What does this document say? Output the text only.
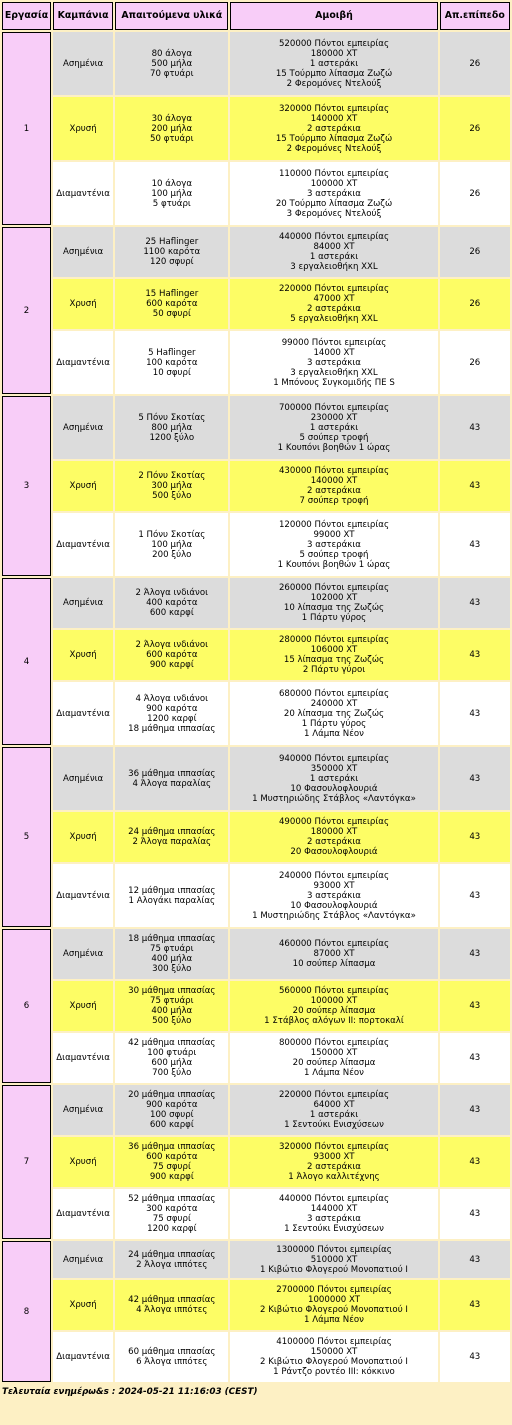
Εργασία	Καμπάνια	Απαιτούμενα υλικά	Αμοιβή	Απ.επίπεδο
1	Ασημένια	80 άλογα
500 μήλα
70 φτυάρι	520000 Πόντοι εμπειρίας
180000 XT
1 αστεράκι
15 Τούρμπο λίπασμα Ζωζώ
2 Φερομόνες Ντελούξ	26
	Χρυσή	30 άλογα
200 μήλα
50 φτυάρι	320000 Πόντοι εμπειρίας
140000 XT
2 αστεράκια
15 Τούρμπο λίπασμα Ζωζώ
2 Φερομόνες Ντελούξ	26
	Διαμαντένια	10 άλογα
100 μήλα
5 φτυάρι	110000 Πόντοι εμπειρίας
100000 XT
3 αστεράκια
20 Τούρμπο λίπασμα Ζωζώ
3 Φερομόνες Ντελούξ	26
2	Ασημένια	25 Haflinger
1100 καρότα
120 σφυρί	440000 Πόντοι εμπειρίας
84000 XT
1 αστεράκι
3 εργαλειοθήκη XXL	26
	Χρυσή	15 Haflinger
600 καρότα
50 σφυρί	220000 Πόντοι εμπειρίας
47000 XT
2 αστεράκια
5 εργαλειοθήκη XXL	26
	Διαμαντένια	5 Haflinger
100 καρότα
10 σφυρί	99000 Πόντοι εμπειρίας
14000 XT
3 αστεράκια
3 εργαλειοθήκη XXL
1 Μπόνους Συγκομιδής ΠΕ S	26
3	Ασημένια	5 Πόνυ Σκοτίας
800 μήλα
1200 ξύλο	700000 Πόντοι εμπειρίας
230000 XT
1 αστεράκι
5 σούπερ τροφή
1 Κουπόνι βοηθών 1 ώρας	43
	Χρυσή	2 Πόνυ Σκοτίας
300 μήλα
500 ξύλο	430000 Πόντοι εμπειρίας
140000 XT
2 αστεράκια
7 σούπερ τροφή	43
	Διαμαντένια	1 Πόνυ Σκοτίας
100 μήλα
200 ξύλο	120000 Πόντοι εμπειρίας
99000 XT
3 αστεράκια
5 σούπερ τροφή
1 Κουπόνι βοηθών 1 ώρας	43
4	Ασημένια	2 Άλογα ινδιάνοι
400 καρότα
600 καρφί	260000 Πόντοι εμπειρίας
102000 XT
10 λίπασμα της Ζωζώς
1 Πάρτυ γύρος	43
	Χρυσή	2 Άλογα ινδιάνοι
600 καρότα
900 καρφί	280000 Πόντοι εμπειρίας
106000 XT
15 λίπασμα της Ζωζώς
2 Πάρτυ γύροι	43
	Διαμαντένια	4 Άλογα ινδιάνοι
900 καρότα
1200 καρφί
18 μάθημα ιππασίας	680000 Πόντοι εμπειρίας
240000 XT
20 λίπασμα της Ζωζώς
1 Πάρτυ γύρος
1 Λάμπα Νέον	43
5	Ασημένια	36 μάθημα ιππασίας
4 Άλογα παραλίας	940000 Πόντοι εμπειρίας
350000 XT
1 αστεράκι
10 Φασουλοφλουριά
1 Μυστηριώδης Στάβλος «Λαντόγκα»	43
	Χρυσή	24 μάθημα ιππασίας
2 Άλογα παραλίας	490000 Πόντοι εμπειρίας
180000 XT
2 αστεράκια
20 Φασουλοφλουριά	43
	Διαμαντένια	12 μάθημα ιππασίας
1 Αλογάκι παραλίας	240000 Πόντοι εμπειρίας
93000 XT
3 αστεράκια
10 Φασουλοφλουριά
1 Μυστηριώδης Στάβλος «Λαντόγκα»	43
6	Ασημένια	18 μάθημα ιππασίας
75 φτυάρι
400 μήλα
300 ξύλο	460000 Πόντοι εμπειρίας
87000 XT
10 σούπερ λίπασμα	43
	Χρυσή	30 μάθημα ιππασίας
75 φτυάρι
400 μήλα
500 ξύλο	560000 Πόντοι εμπειρίας
100000 XT
20 σούπερ λίπασμα
1 Στάβλος αλόγων II: πορτοκαλί	43
	Διαμαντένια	42 μάθημα ιππασίας
100 φτυάρι
600 μήλα
700 ξύλο	800000 Πόντοι εμπειρίας
150000 XT
20 σούπερ λίπασμα
1 Λάμπα Νέον	43
7	Ασημένια	20 μάθημα ιππασίας
900 καρότα
100 σφυρί
600 καρφί	220000 Πόντοι εμπειρίας
64000 XT
1 αστεράκι
1 Σεντούκι Ενισχύσεων	43
	Χρυσή	36 μάθημα ιππασίας
600 καρότα
75 σφυρί
900 καρφί	320000 Πόντοι εμπειρίας
93000 XT
2 αστεράκια
1 Άλογο καλλιτέχνης	43
	Διαμαντένια	52 μάθημα ιππασίας
300 καρότα
75 σφυρί
1200 καρφί	440000 Πόντοι εμπειρίας
144000 XT
3 αστεράκια
1 Σεντούκι Ενισχύσεων	43
8	Ασημένια	24 μάθημα ιππασίας
2 Άλογα ιππότες	1300000 Πόντοι εμπειρίας
510000 XT
1 Κιβώτιο Φλογερού Μονοπατιού I	43
	Χρυσή	42 μάθημα ιππασίας
4 Άλογα ιππότες	2700000 Πόντοι εμπειρίας
1000000 XT
2 Κιβώτιο Φλογερού Μονοπατιού I
1 Λάμπα Νέον	43
	Διαμαντένια	60 μάθημα ιππασίας
6 Άλογα ιππότες	4100000 Πόντοι εμπειρίας
150000 XT
2 Κιβώτιο Φλογερού Μονοπατιού I
1 Ράντζο ροντέο III: κόκκινο	43
Τελευταία ενημέρω&s : 2024-05-21 11:16:03 (CEST)
